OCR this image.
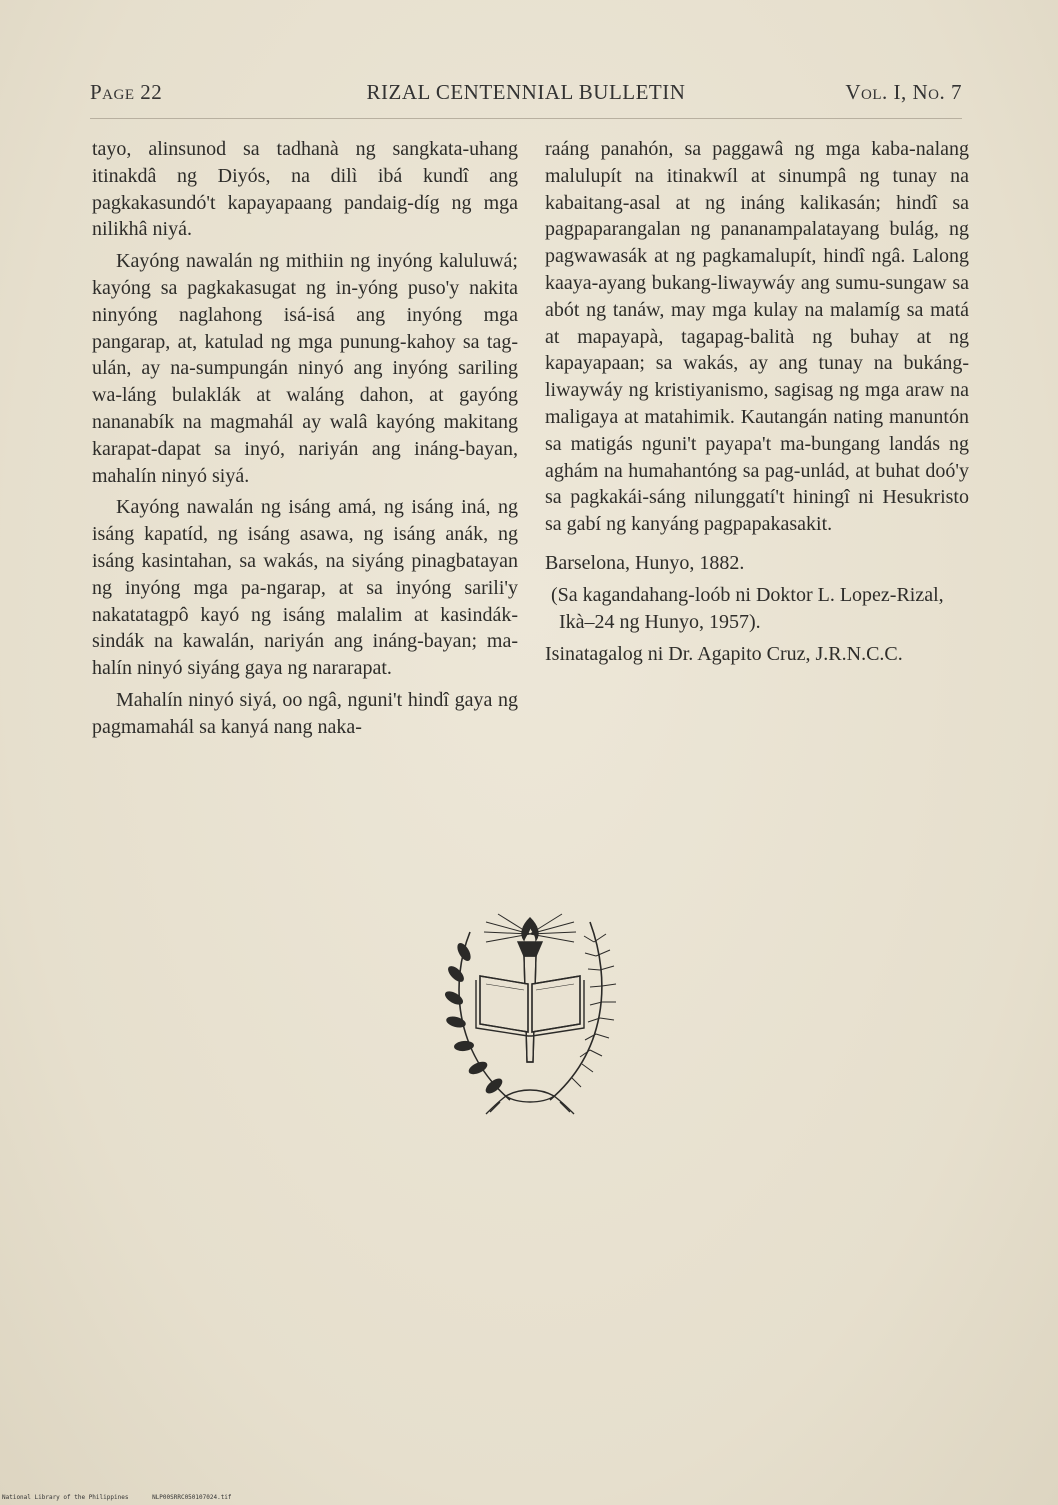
Page 22	RIZAL CENTENNIAL BULLETIN	Vol. I, No. 7

tayo, alinsunod sa tadhanà ng sangkata-uhang itinakdâ ng Diyós, na dilì ibá kundî ang pagkakasundó't kapayapaang pandaig-díg ng mga nilikhâ niyá.

Kayóng nawalán ng mithiin ng inyóng kaluluwá; kayóng sa pagkakasugat ng in-yóng puso'y nakita ninyóng naglahong isá-isá ang inyóng mga pangarap, at, katulad ng mga punung-kahoy sa tag-ulán, ay na-sumpungán ninyó ang inyóng sariling wa-láng bulaklák at waláng dahon, at gayóng nananabík na magmahál ay walâ kayóng makitang karapat-dapat sa inyó, nariyán ang ináng-bayan, mahalín ninyó siyá.

Kayóng nawalán ng isáng amá, ng isáng iná, ng isáng kapatíd, ng isáng asawa, ng isáng anák, ng isáng kasintahan, sa wakás, na siyáng pinagbatayan ng inyóng mga pa-ngarap, at sa inyóng sarili'y nakatatagpô kayó ng isáng malalim at kasindák-sindák na kawalán, nariyán ang ináng-bayan; ma-halín ninyó siyáng gaya ng nararapat.

Mahalín ninyó siyá, oo ngâ, nguni't hindî gaya ng pagmamahál sa kanyá nang naka-

raáng panahón, sa paggawâ ng mga kaba-nalang malulupít na itinakwíl at sinumpâ ng tunay na kabaitang-asal at ng ináng kalikasán; hindî sa pagpaparangalan ng pananampalatayang bulág, ng pagwawasák at ng pagkamalupít, hindî ngâ. Lalong kaaya-ayang bukang-liwaywáy ang sumu-sungaw sa abót ng tanáw, may mga kulay na malamíg sa matá at mapayapà, tagapag-balità ng buhay at ng kapayapaan; sa wakás, ay ang tunay na bukáng-liwaywáy ng kristiyanismo, sagisag ng mga araw na maligaya at matahimik. Kautangán nating manuntón sa matigás nguni't payapa't ma-bungang landás ng aghám na humahantóng sa pag-unlád, at buhat doó'y sa pagkakái-sáng nilunggatí't hiningî ni Hesukristo sa gabí ng kanyáng pagpapakasakit.

Barselona, Hunyo, 1882.

(Sa kagandahang-loób ni Doktor L. Lopez-Rizal, Ikà–24 ng Hunyo, 1957).

Isinatagalog ni Dr. Agapito Cruz, J.R.N.C.C.

National Library of the Philippines	NLP00SRRC050107024.tif
